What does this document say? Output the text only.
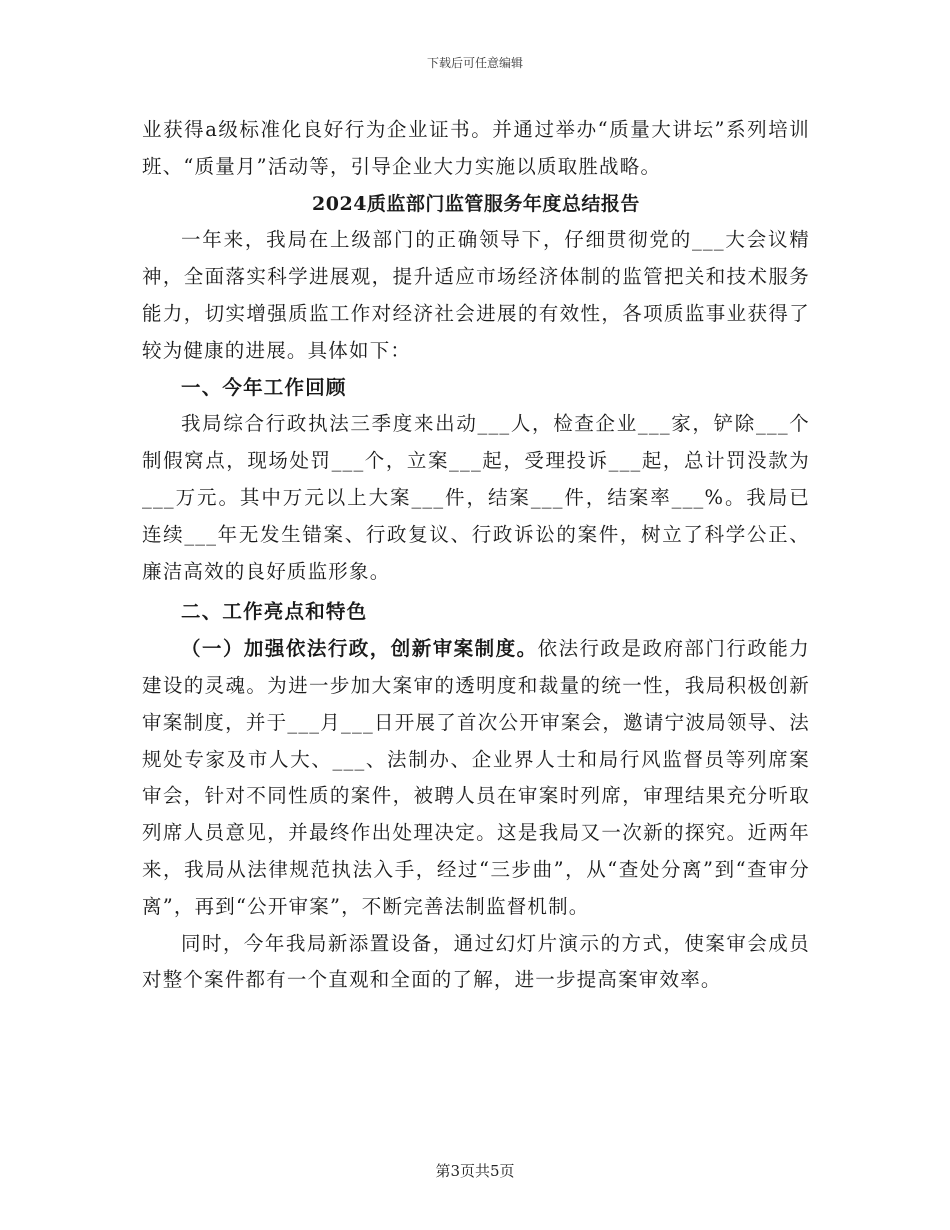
下载后可任意编辑

业获得a级标准化良好行为企业证书。并通过举办“质量大讲坛”系列培训班、“质量月”活动等，引导企业大力实施以质取胜战略。

2024质监部门监管服务年度总结报告

一年来，我局在上级部门的正确领导下，仔细贯彻党的___大会议精神，全面落实科学进展观，提升适应市场经济体制的监管把关和技术服务能力，切实增强质监工作对经济社会进展的有效性，各项质监事业获得了较为健康的进展。具体如下：

一、今年工作回顾

我局综合行政执法三季度来出动___人，检查企业___家，铲除___个制假窝点，现场处罚___个，立案___起，受理投诉___起，总计罚没款为___万元。其中万元以上大案___件，结案___件，结案率___%。我局已连续___年无发生错案、行政复议、行政诉讼的案件，树立了科学公正、廉洁高效的良好质监形象。

二、工作亮点和特色

（一）加强依法行政，创新审案制度。依法行政是政府部门行政能力建设的灵魂。为进一步加大案审的透明度和裁量的统一性，我局积极创新审案制度，并于___月___日开展了首次公开审案会，邀请宁波局领导、法规处专家及市人大、___、法制办、企业界人士和局行风监督员等列席案审会，针对不同性质的案件，被聘人员在审案时列席，审理结果充分听取列席人员意见，并最终作出处理决定。这是我局又一次新的探究。近两年来，我局从法律规范执法入手，经过“三步曲”，从“查处分离”到“查审分离”，再到“公开审案”，不断完善法制监督机制。

同时，今年我局新添置设备，通过幻灯片演示的方式，使案审会成员对整个案件都有一个直观和全面的了解，进一步提高案审效率。

第3页共5页
